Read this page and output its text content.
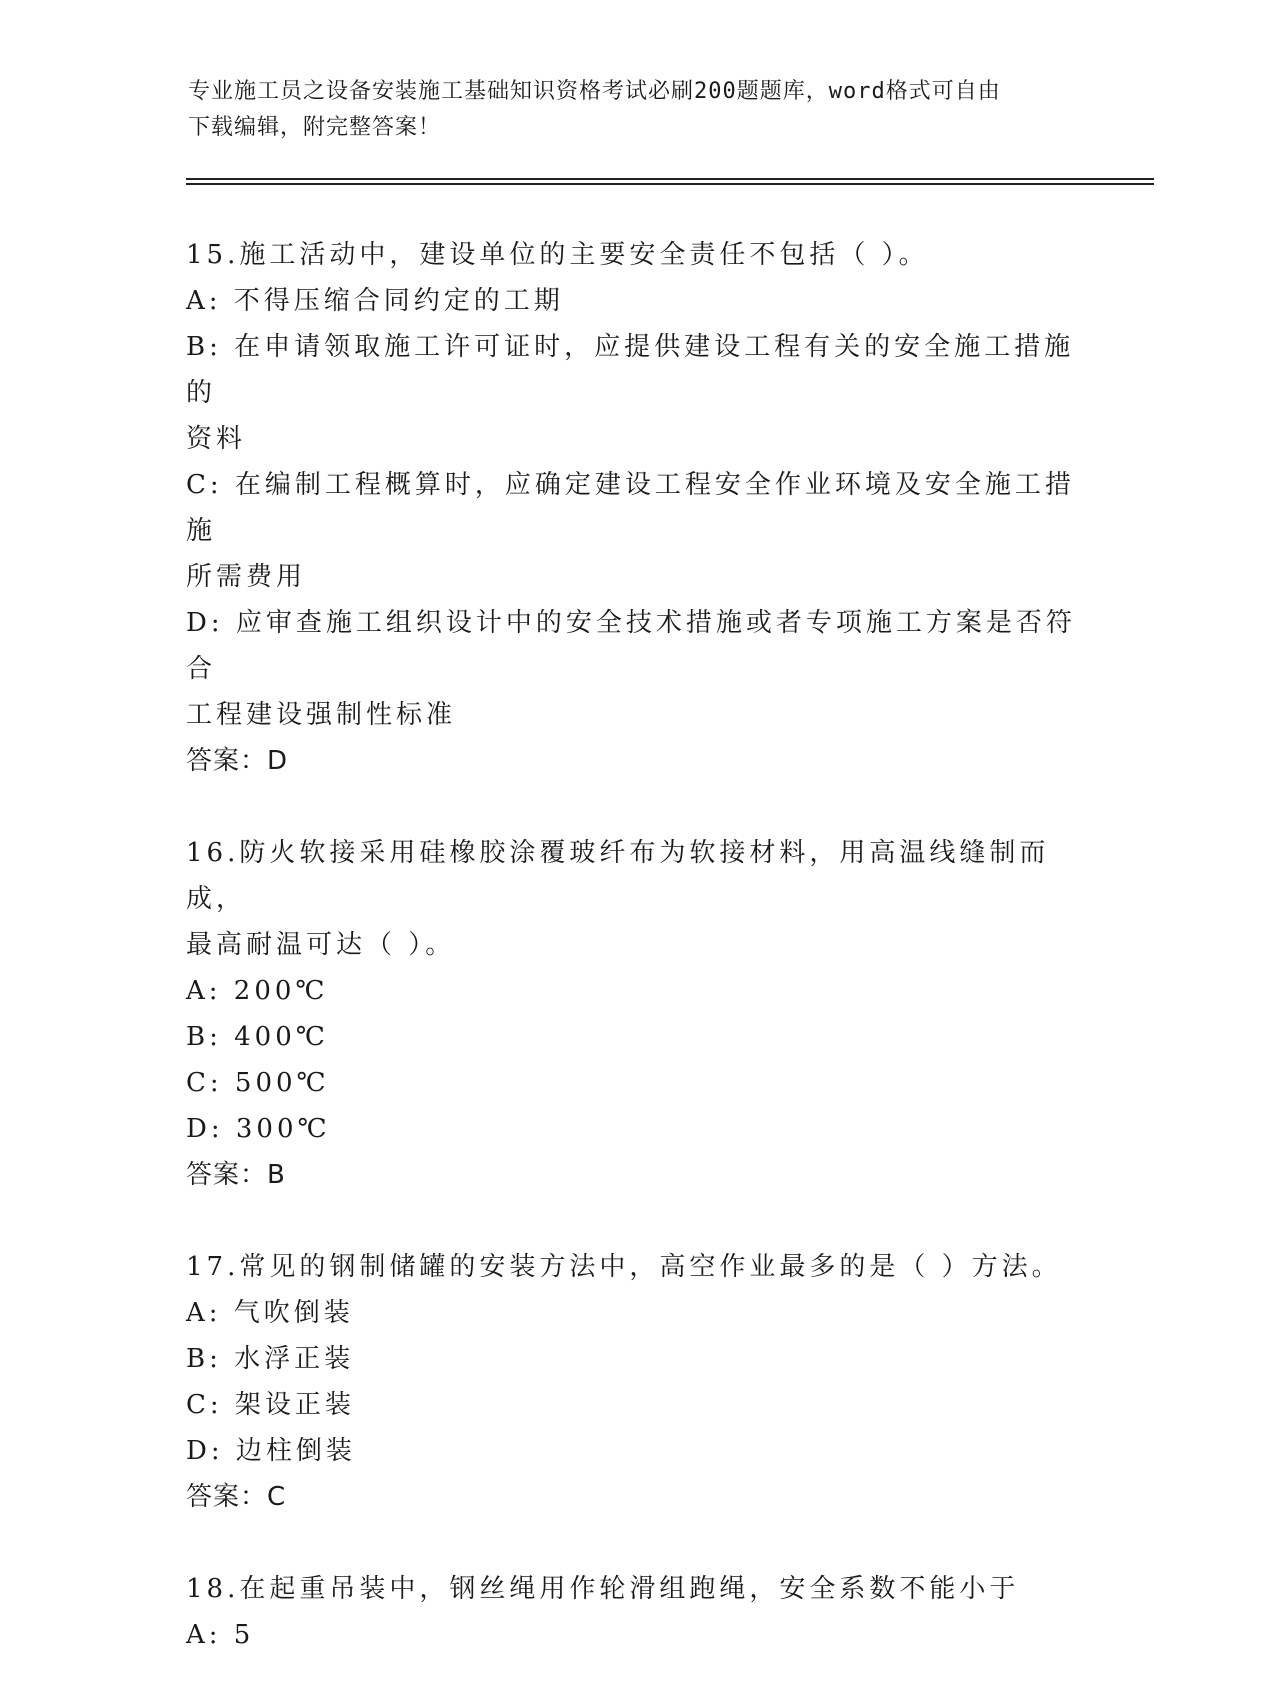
专业施工员之设备安装施工基础知识资格考试必刷200题题库，word格式可自由
下载编辑，附完整答案！
15.施工活动中，建设单位的主要安全责任不包括（ ）。
A: 不得压缩合同约定的工期
B: 在申请领取施工许可证时，应提供建设工程有关的安全施工措施的
资料
C: 在编制工程概算时，应确定建设工程安全作业环境及安全施工措施
所需费用
D: 应审查施工组织设计中的安全技术措施或者专项施工方案是否符合
工程建设强制性标准
答案：D
16.防火软接采用硅橡胶涂覆玻纤布为软接材料，用高温线缝制而成，
最高耐温可达（ ）。
A: 200℃
B: 400℃
C: 500℃
D: 300℃
答案：B
17.常见的钢制储罐的安装方法中，高空作业最多的是（ ）方法。
A: 气吹倒装
B: 水浮正装
C: 架设正装
D: 边柱倒装
答案：C
18.在起重吊装中，钢丝绳用作轮滑组跑绳，安全系数不能小于
A: 5
